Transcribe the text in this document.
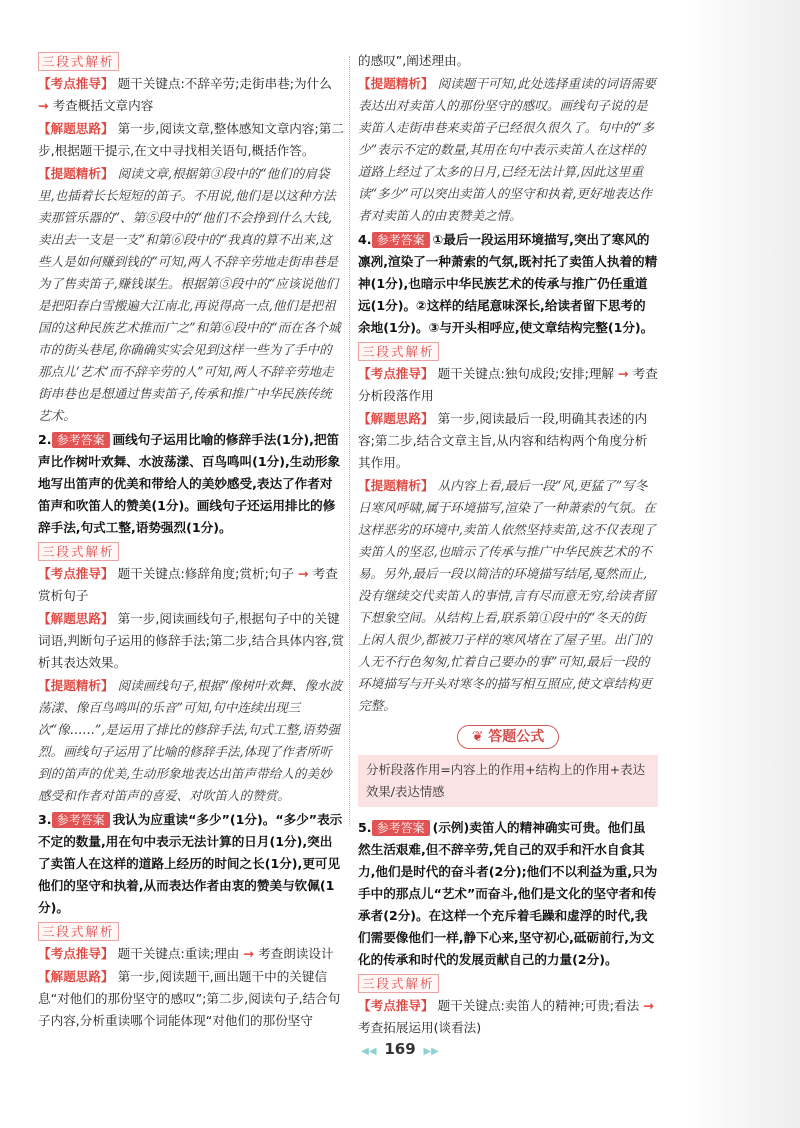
三段式解析

【考点推导】 题干关键点:不辞辛劳;走街串巷;为什么 → 考查概括文章内容

【解题思路】 第一步,阅读文章,整体感知文章内容;第二步,根据题干提示,在文中寻找相关语句,概括作答。

【提题精析】 阅读文章,根据第③段中的“他们的肩袋里,也插着长长短短的笛子。不用说,他们是以这种方法卖那管乐器的”、第⑤段中的“他们不会挣到什么大钱,卖出去一支是一支”和第⑥段中的“我真的算不出来,这些人是如何赚到钱的”可知,两人不辞辛劳地走街串巷是为了售卖笛子,赚钱谋生。根据第⑤段中的“应该说他们是把阳春白雪搬遍大江南北,再说得高一点,他们是把祖国的这种民族艺术推而广之”和第⑥段中的“而在各个城市的街头巷尾,你确确实实会见到这样一些为了手中的那点儿‘艺术’而不辞辛劳的人”可知,两人不辞辛劳地走街串巷也是想通过售卖笛子,传承和推广中华民族传统艺术。

2. 参考答案 画线句子运用比喻的修辞手法(1分),把笛声比作树叶欢舞、水波荡漾、百鸟鸣叫(1分),生动形象地写出笛声的优美和带给人的美妙感受,表达了作者对笛声和吹笛人的赞美(1分)。画线句子还运用排比的修辞手法,句式工整,语势强烈(1分)。

三段式解析

【考点推导】 题干关键点:修辞角度;赏析;句子 → 考查赏析句子

【解题思路】 第一步,阅读画线句子,根据句子中的关键词语,判断句子运用的修辞手法;第二步,结合具体内容,赏析其表达效果。

【提题精析】 阅读画线句子,根据“像树叶欢舞、像水波荡漾、像百鸟鸣叫的乐音”可知,句中连续出现三次“像……”,是运用了排比的修辞手法,句式工整,语势强烈。画线句子运用了比喻的修辞手法,体现了作者所听到的笛声的优美,生动形象地表达出笛声带给人的美妙感受和作者对笛声的喜爱、对吹笛人的赞赏。

3. 参考答案 我认为应重读“多少”(1分)。“多少”表示不定的数量,用在句中表示无法计算的日月(1分),突出了卖笛人在这样的道路上经历的时间之长(1分),更可见他们的坚守和执着,从而表达作者由衷的赞美与钦佩(1分)。

三段式解析

【考点推导】 题干关键点:重读;理由 → 考查朗读设计

【解题思路】 第一步,阅读题干,画出题干中的关键信息“对他们的那份坚守的感叹”;第二步,阅读句子,结合句子内容,分析重读哪个词能体现“对他们的那份坚守

的感叹”,阐述理由。

【提题精析】 阅读题干可知,此处选择重读的词语需要表达出对卖笛人的那份坚守的感叹。画线句子说的是卖笛人走街串巷来卖笛子已经很久很久了。句中的“多少”表示不定的数量,其用在句中表示卖笛人在这样的道路上经过了太多的日月,已经无法计算,因此这里重读“多少”可以突出卖笛人的坚守和执着,更好地表达作者对卖笛人的由衷赞美之情。

4. 参考答案 ①最后一段运用环境描写,突出了寒风的凛冽,渲染了一种萧索的气氛,既衬托了卖笛人执着的精神(1分),也暗示中华民族艺术的传承与推广仍任重道远(1分)。②这样的结尾意味深长,给读者留下思考的余地(1分)。③与开头相呼应,使文章结构完整(1分)。

三段式解析

【考点推导】 题干关键点:独句成段;安排;理解 → 考查分析段落作用

【解题思路】 第一步,阅读最后一段,明确其表述的内容;第二步,结合文章主旨,从内容和结构两个角度分析其作用。

【提题精析】 从内容上看,最后一段“风,更猛了”写冬日寒风呼啸,属于环境描写,渲染了一种萧索的气氛。在这样恶劣的环境中,卖笛人依然坚持卖笛,这不仅表现了卖笛人的坚忍,也暗示了传承与推广中华民族艺术的不易。另外,最后一段以简洁的环境描写结尾,戛然而止,没有继续交代卖笛人的事情,言有尽而意无穷,给读者留下想象空间。从结构上看,联系第①段中的“冬天的街上闲人很少,都被刀子样的寒风堵在了屋子里。出门的人无不行色匆匆,忙着自己要办的事”可知,最后一段的环境描写与开头对寒冬的描写相互照应,使文章结构更完整。

❦ 答题公式
分析段落作用=内容上的作用+结构上的作用+表达效果/表达情感

5. 参考答案 (示例)卖笛人的精神确实可贵。他们虽然生活艰难,但不辞辛劳,凭自己的双手和汗水自食其力,他们是时代的奋斗者(2分);他们不以利益为重,只为手中的那点儿“艺术”而奋斗,他们是文化的坚守者和传承者(2分)。在这样一个充斥着毛躁和虚浮的时代,我们需要像他们一样,静下心来,坚守初心,砥砺前行,为文化的传承和时代的发展贡献自己的力量(2分)。

三段式解析

【考点推导】 题干关键点:卖笛人的精神;可贵;看法 → 考查拓展运用(谈看法)

◀◀ 169 ▶▶
